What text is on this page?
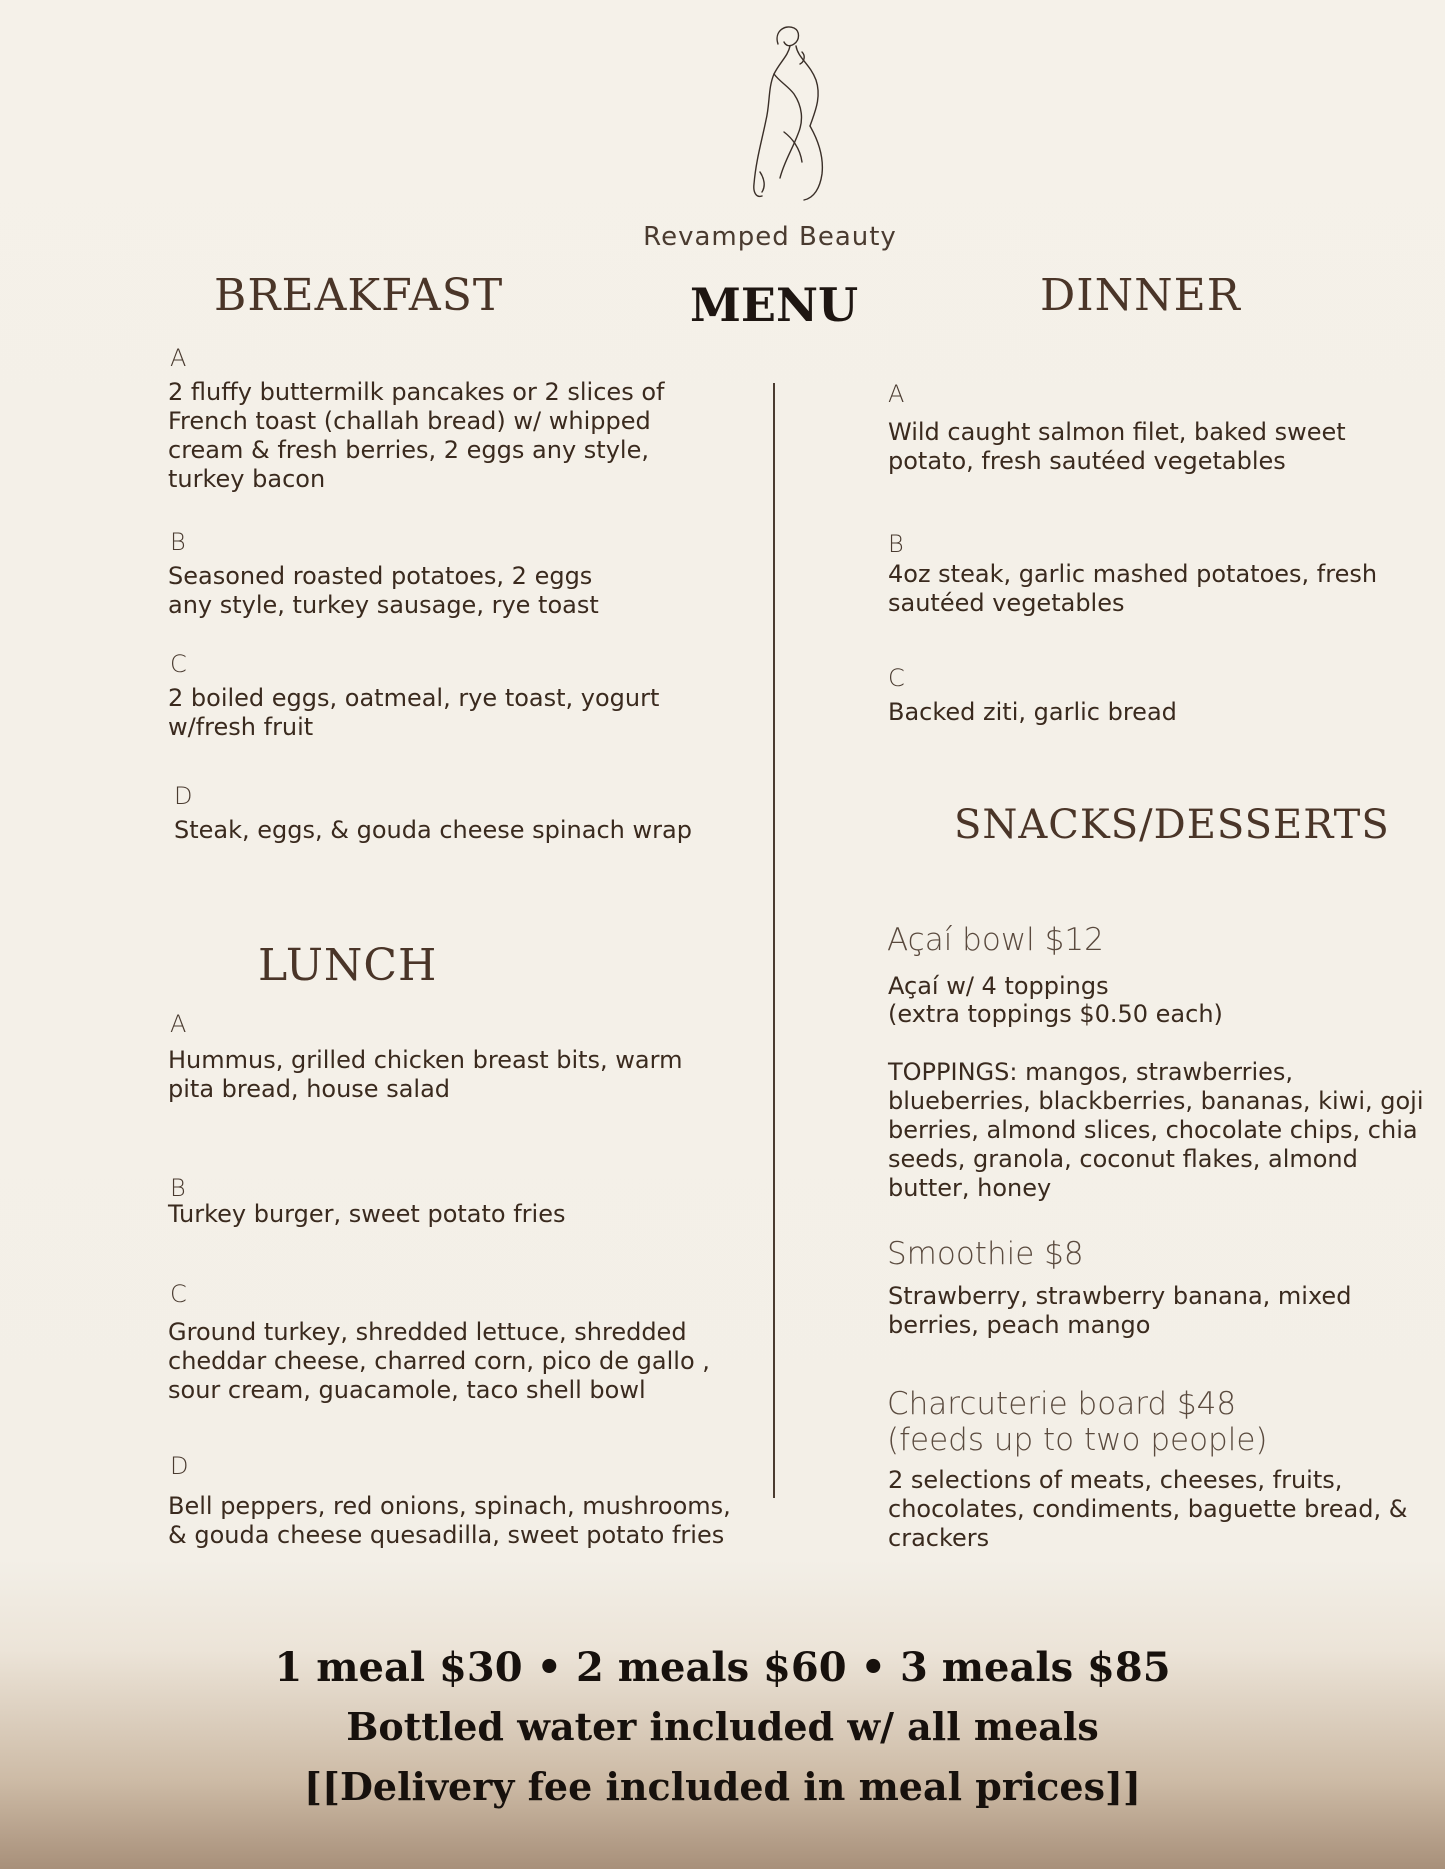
Revamped Beauty
BREAKFAST	MENU	DINNER
A

2 fluffy buttermilk pancakes or 2 slices of French toast (challah bread) w/ whipped cream & fresh berries, 2 eggs any style, turkey bacon

B

Seasoned roasted potatoes, 2 eggs any style, turkey sausage, rye toast

C

2 boiled eggs, oatmeal, rye toast, yogurt w/fresh fruit

D

Steak, eggs, & gouda cheese spinach wrap

LUNCH
A

Hummus, grilled chicken breast bits, warm pita bread, house salad

B

Turkey burger, sweet potato fries

C

Ground turkey, shredded lettuce, shredded cheddar cheese, charred corn, pico de gallo , sour cream, guacamole, taco shell bowl

D

Bell peppers, red onions, spinach, mushrooms, & gouda cheese quesadilla, sweet potato fries

A

Wild caught salmon filet, baked sweet potato, fresh sautéed vegetables

B

4oz steak, garlic mashed potatoes, fresh sautéed vegetables

C

Backed ziti, garlic bread

SNACKS/DESSERTS
Açaí bowl $12

Açaí w/ 4 toppings

(extra toppings $0.50 each)

TOPPINGS: mangos, strawberries, blueberries, blackberries, bananas, kiwi, goji berries, almond slices, chocolate chips, chia seeds, granola, coconut flakes, almond butter, honey

Smoothie $8

Strawberry, strawberry banana, mixed berries, peach mango

Charcuterie board $48
(feeds up to two people)

2 selections of meats, cheeses, fruits, chocolates, condiments, baguette bread, & crackers

1 meal $30 • 2 meals $60 • 3 meals $85
Bottled water included w/ all meals
[[Delivery fee included in meal prices]]
